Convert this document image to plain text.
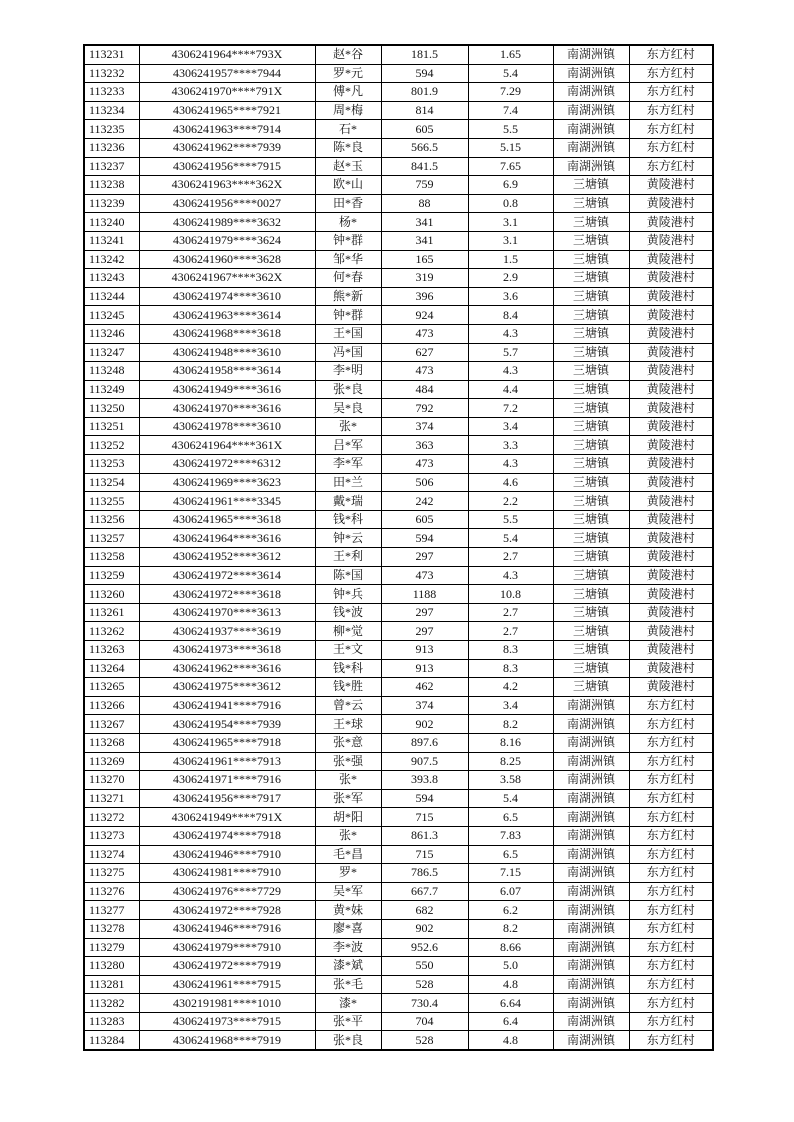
113231	4306241964****793X	赵*谷	181.5	1.65	南湖洲镇	东方红村
113232	4306241957****7944	罗*元	594	5.4	南湖洲镇	东方红村
113233	4306241970****791X	傅*凡	801.9	7.29	南湖洲镇	东方红村
113234	4306241965****7921	周*梅	814	7.4	南湖洲镇	东方红村
113235	4306241963****7914	石*	605	5.5	南湖洲镇	东方红村
113236	4306241962****7939	陈*良	566.5	5.15	南湖洲镇	东方红村
113237	4306241956****7915	赵*玉	841.5	7.65	南湖洲镇	东方红村
113238	4306241963****362X	欧*山	759	6.9	三塘镇	黄陵港村
113239	4306241956****0027	田*香	88	0.8	三塘镇	黄陵港村
113240	4306241989****3632	杨*	341	3.1	三塘镇	黄陵港村
113241	4306241979****3624	钟*群	341	3.1	三塘镇	黄陵港村
113242	4306241960****3628	邹*华	165	1.5	三塘镇	黄陵港村
113243	4306241967****362X	何*春	319	2.9	三塘镇	黄陵港村
113244	4306241974****3610	熊*新	396	3.6	三塘镇	黄陵港村
113245	4306241963****3614	钟*群	924	8.4	三塘镇	黄陵港村
113246	4306241968****3618	王*国	473	4.3	三塘镇	黄陵港村
113247	4306241948****3610	冯*国	627	5.7	三塘镇	黄陵港村
113248	4306241958****3614	李*明	473	4.3	三塘镇	黄陵港村
113249	4306241949****3616	张*良	484	4.4	三塘镇	黄陵港村
113250	4306241970****3616	吴*良	792	7.2	三塘镇	黄陵港村
113251	4306241978****3610	张*	374	3.4	三塘镇	黄陵港村
113252	4306241964****361X	吕*军	363	3.3	三塘镇	黄陵港村
113253	4306241972****6312	李*军	473	4.3	三塘镇	黄陵港村
113254	4306241969****3623	田*兰	506	4.6	三塘镇	黄陵港村
113255	4306241961****3345	戴*瑞	242	2.2	三塘镇	黄陵港村
113256	4306241965****3618	钱*科	605	5.5	三塘镇	黄陵港村
113257	4306241964****3616	钟*云	594	5.4	三塘镇	黄陵港村
113258	4306241952****3612	王*利	297	2.7	三塘镇	黄陵港村
113259	4306241972****3614	陈*国	473	4.3	三塘镇	黄陵港村
113260	4306241972****3618	钟*兵	1188	10.8	三塘镇	黄陵港村
113261	4306241970****3613	钱*波	297	2.7	三塘镇	黄陵港村
113262	4306241937****3619	柳*觉	297	2.7	三塘镇	黄陵港村
113263	4306241973****3618	王*文	913	8.3	三塘镇	黄陵港村
113264	4306241962****3616	钱*科	913	8.3	三塘镇	黄陵港村
113265	4306241975****3612	钱*胜	462	4.2	三塘镇	黄陵港村
113266	4306241941****7916	曾*云	374	3.4	南湖洲镇	东方红村
113267	4306241954****7939	王*球	902	8.2	南湖洲镇	东方红村
113268	4306241965****7918	张*意	897.6	8.16	南湖洲镇	东方红村
113269	4306241961****7913	张*强	907.5	8.25	南湖洲镇	东方红村
113270	4306241971****7916	张*	393.8	3.58	南湖洲镇	东方红村
113271	4306241956****7917	张*军	594	5.4	南湖洲镇	东方红村
113272	4306241949****791X	胡*阳	715	6.5	南湖洲镇	东方红村
113273	4306241974****7918	张*	861.3	7.83	南湖洲镇	东方红村
113274	4306241946****7910	毛*昌	715	6.5	南湖洲镇	东方红村
113275	4306241981****7910	罗*	786.5	7.15	南湖洲镇	东方红村
113276	4306241976****7729	吴*军	667.7	6.07	南湖洲镇	东方红村
113277	4306241972****7928	黄*妹	682	6.2	南湖洲镇	东方红村
113278	4306241946****7916	廖*喜	902	8.2	南湖洲镇	东方红村
113279	4306241979****7910	李*波	952.6	8.66	南湖洲镇	东方红村
113280	4306241972****7919	漆*斌	550	5.0	南湖洲镇	东方红村
113281	4306241961****7915	张*毛	528	4.8	南湖洲镇	东方红村
113282	4302191981****1010	漆*	730.4	6.64	南湖洲镇	东方红村
113283	4306241973****7915	张*平	704	6.4	南湖洲镇	东方红村
113284	4306241968****7919	张*良	528	4.8	南湖洲镇	东方红村
